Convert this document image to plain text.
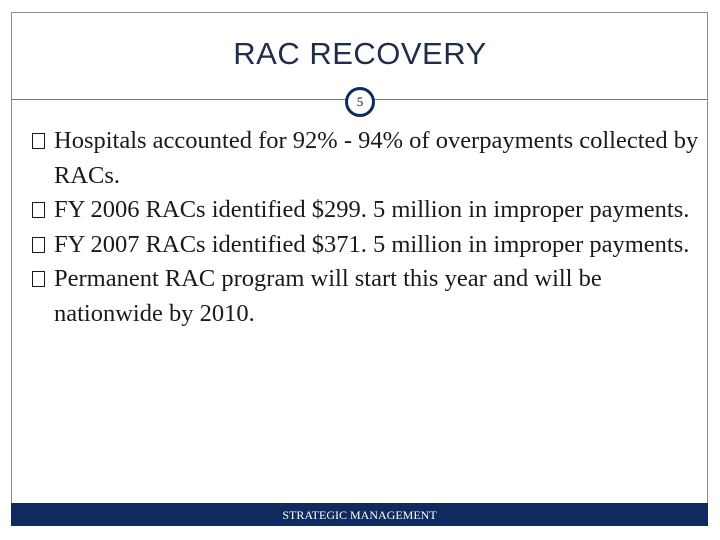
RAC RECOVERY
5
Hospitals accounted for 92% - 94% of overpayments collected by RACs.
FY 2006 RACs identified $299. 5 million in improper payments.
FY 2007 RACs identified $371. 5 million in improper payments.
Permanent RAC program will start this year and will be nationwide by 2010.
STRATEGIC MANAGEMENT
